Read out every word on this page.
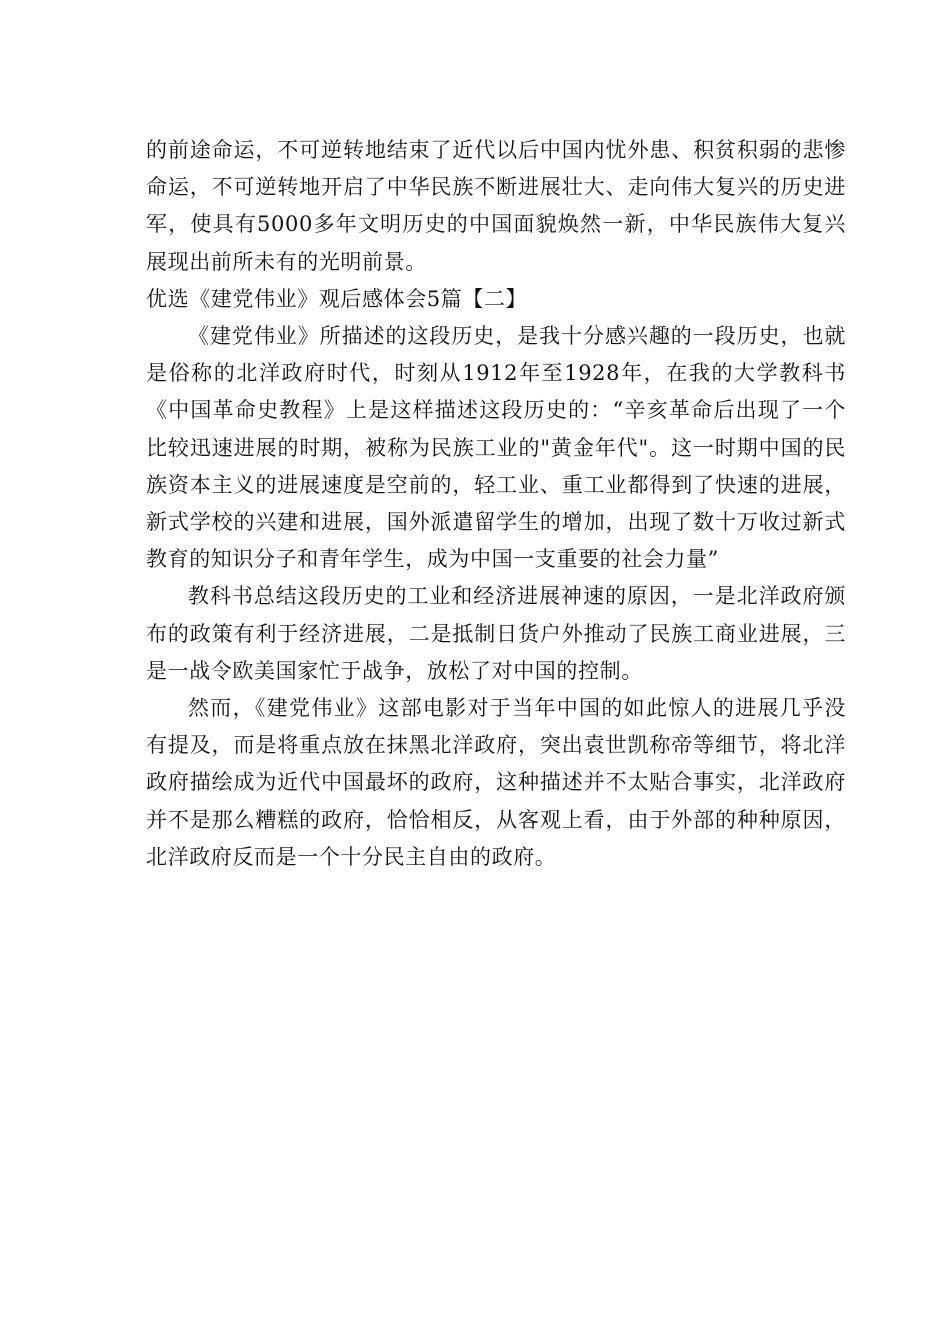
的前途命运，不可逆转地结束了近代以后中国内忧外患、积贫积弱的悲惨命运，不可逆转地开启了中华民族不断进展壮大、走向伟大复兴的历史进军，使具有5000多年文明历史的中国面貌焕然一新，中华民族伟大复兴展现出前所未有的光明前景。

优选《建党伟业》观后感体会5篇【二】

《建党伟业》所描述的这段历史，是我十分感兴趣的一段历史，也就是俗称的北洋政府时代，时刻从1912年至1928年，在我的大学教科书《中国革命史教程》上是这样描述这段历史的：“辛亥革命后出现了一个比较迅速进展的时期，被称为民族工业的"黄金年代"。这一时期中国的民族资本主义的进展速度是空前的，轻工业、重工业都得到了快速的进展，新式学校的兴建和进展，国外派遣留学生的增加，出现了数十万收过新式教育的知识分子和青年学生，成为中国一支重要的社会力量”

教科书总结这段历史的工业和经济进展神速的原因，一是北洋政府颁布的政策有利于经济进展，二是抵制日货户外推动了民族工商业进展，三是一战令欧美国家忙于战争，放松了对中国的控制。

然而，《建党伟业》这部电影对于当年中国的如此惊人的进展几乎没有提及，而是将重点放在抹黑北洋政府，突出袁世凯称帝等细节，将北洋政府描绘成为近代中国最坏的政府，这种描述并不太贴合事实，北洋政府并不是那么糟糕的政府，恰恰相反，从客观上看，由于外部的种种原因，北洋政府反而是一个十分民主自由的政府。
